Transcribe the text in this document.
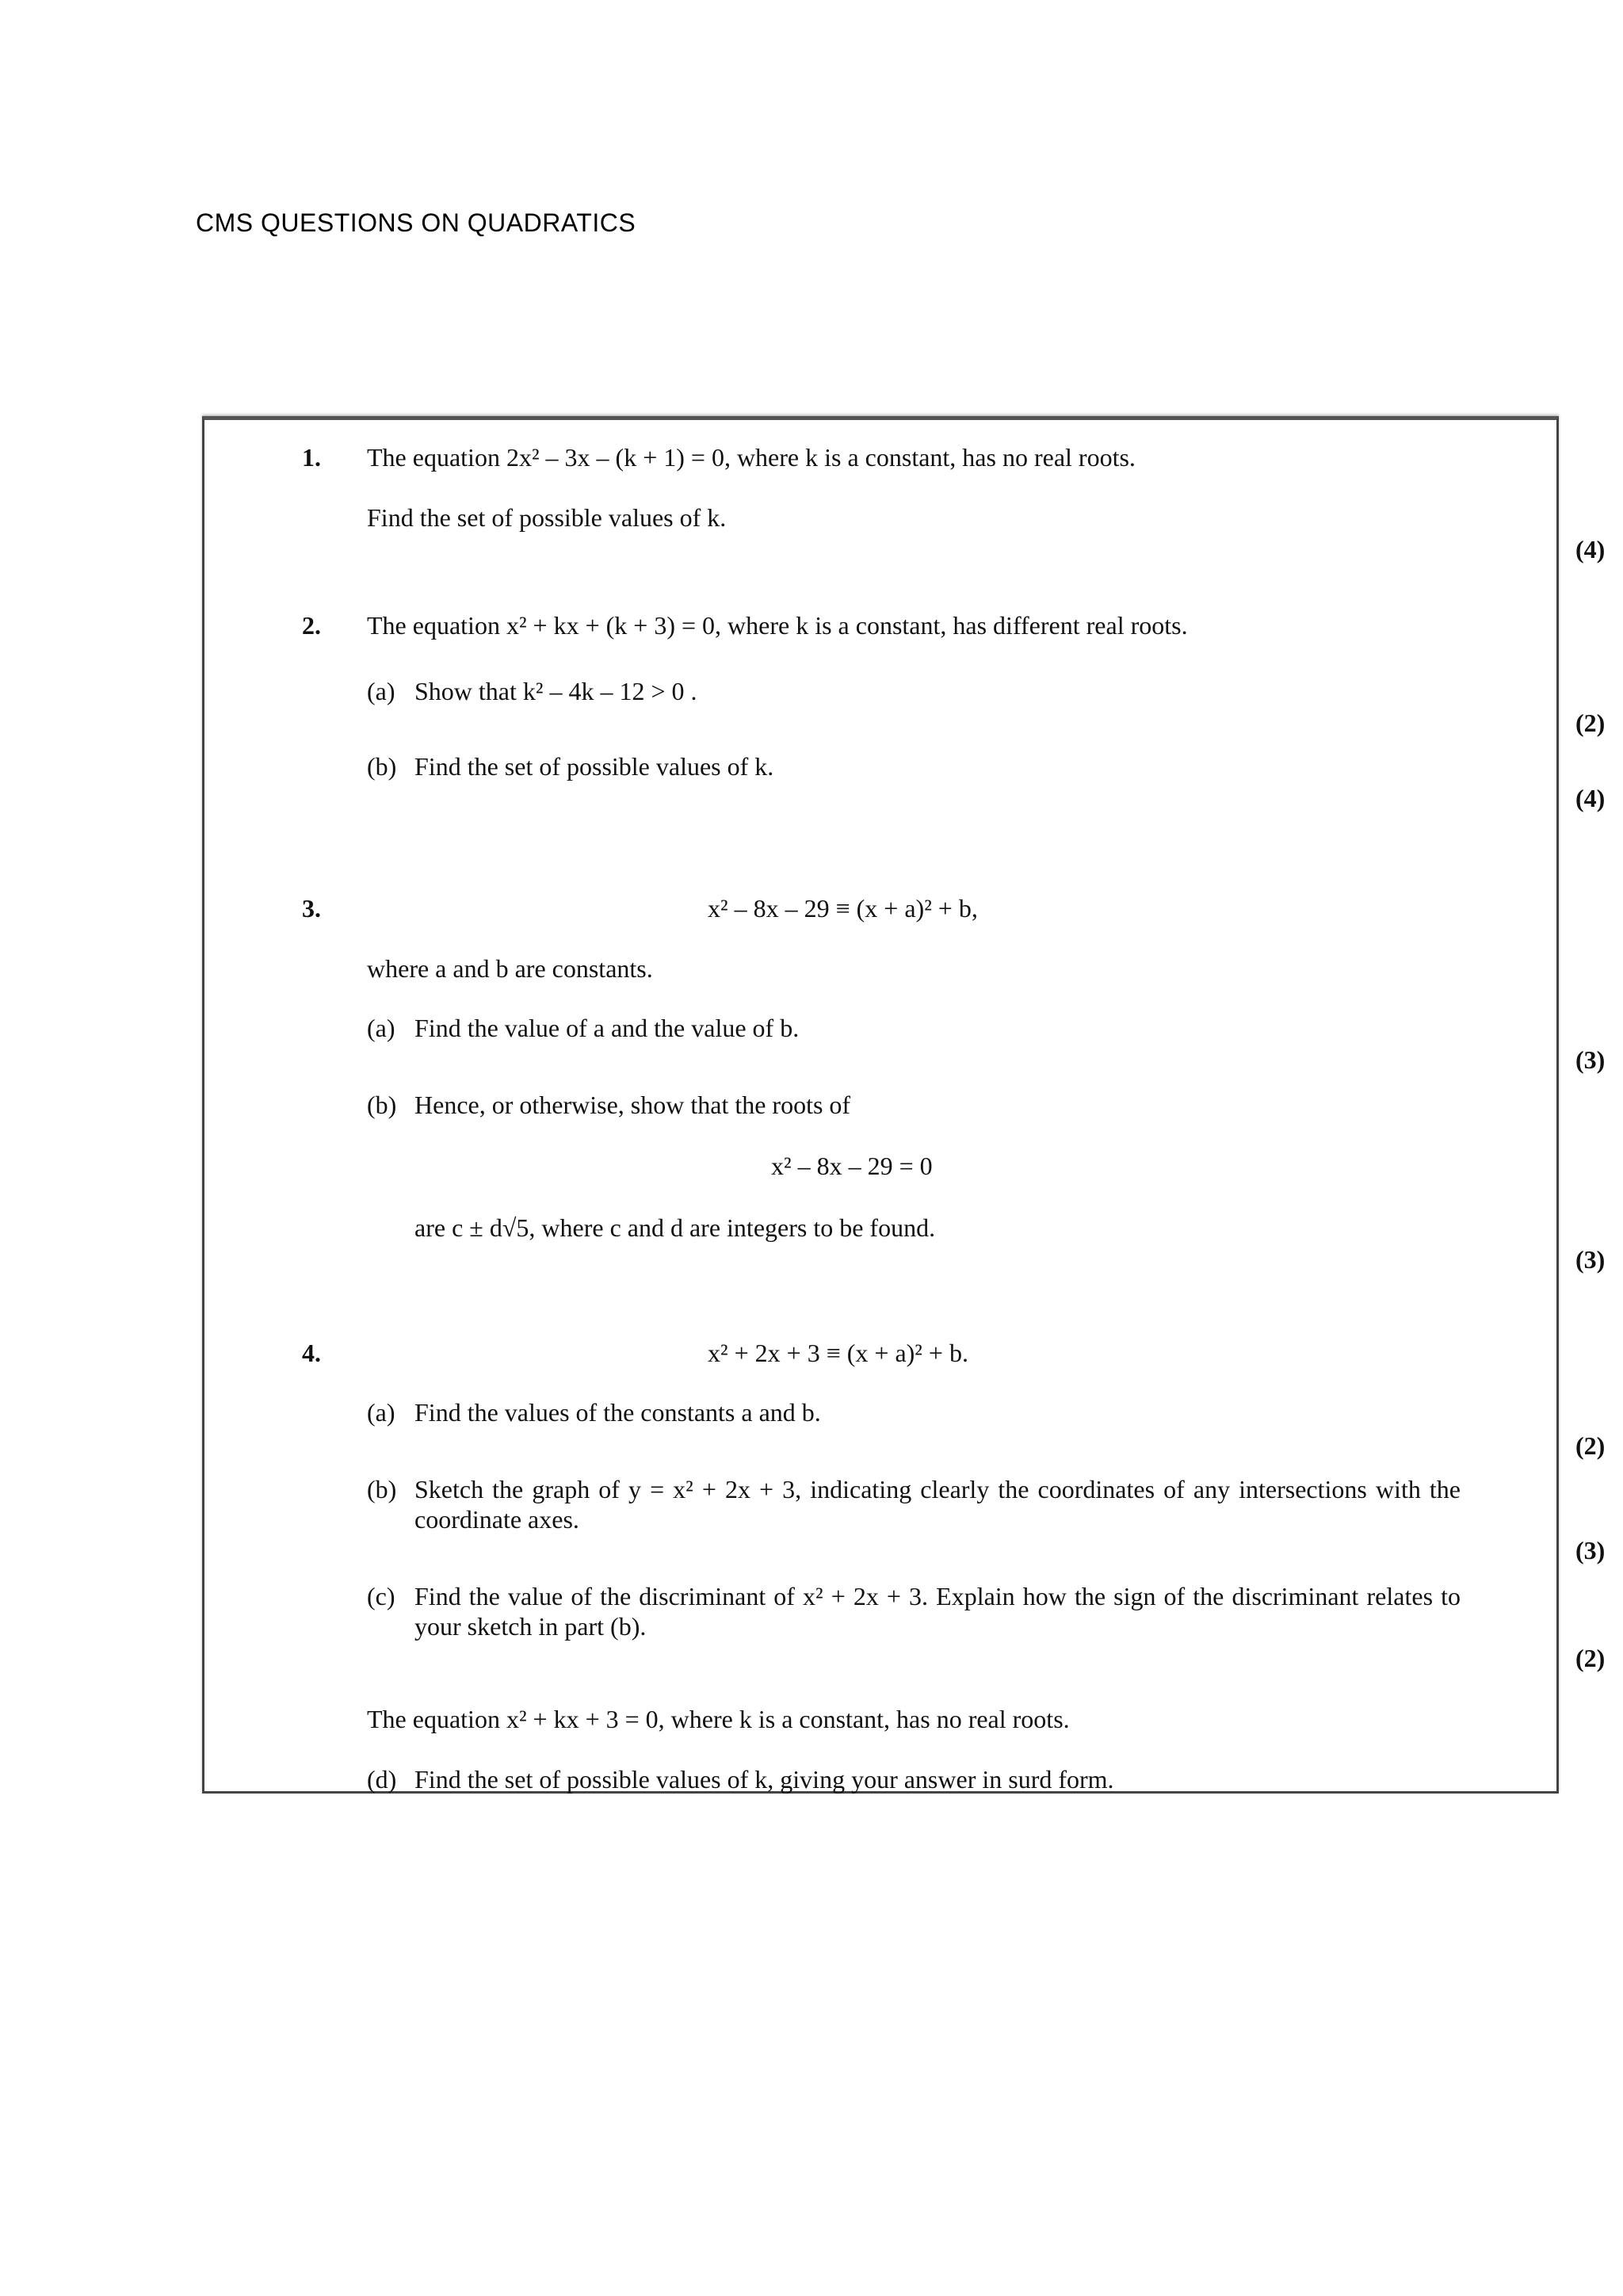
CMS QUESTIONS ON QUADRATICS
1. The equation 2x² – 3x – (k + 1) = 0, where k is a constant, has no real roots.
Find the set of possible values of k.
(4)
2. The equation x² + kx + (k + 3) = 0, where k is a constant, has different real roots.
(a) Show that k² – 4k – 12 > 0 .
(2)
(b) Find the set of possible values of k.
(4)
3.	x² – 8x – 29 ≡ (x + a)² + b,
where a and b are constants.
(a) Find the value of a and the value of b.
(3)
(b) Hence, or otherwise, show that the roots of
x² – 8x – 29 = 0
are c ± d√5, where c and d are integers to be found.
(3)
4.	x² + 2x + 3 ≡ (x + a)² + b.
(a) Find the values of the constants a and b.
(2)
(b) Sketch the graph of y = x² + 2x + 3, indicating clearly the coordinates of any intersections with the coordinate axes.
(3)
(c) Find the value of the discriminant of x² + 2x + 3. Explain how the sign of the discriminant relates to your sketch in part (b).
(2)
The equation x² + kx + 3 = 0, where k is a constant, has no real roots.
(d) Find the set of possible values of k, giving your answer in surd form.
